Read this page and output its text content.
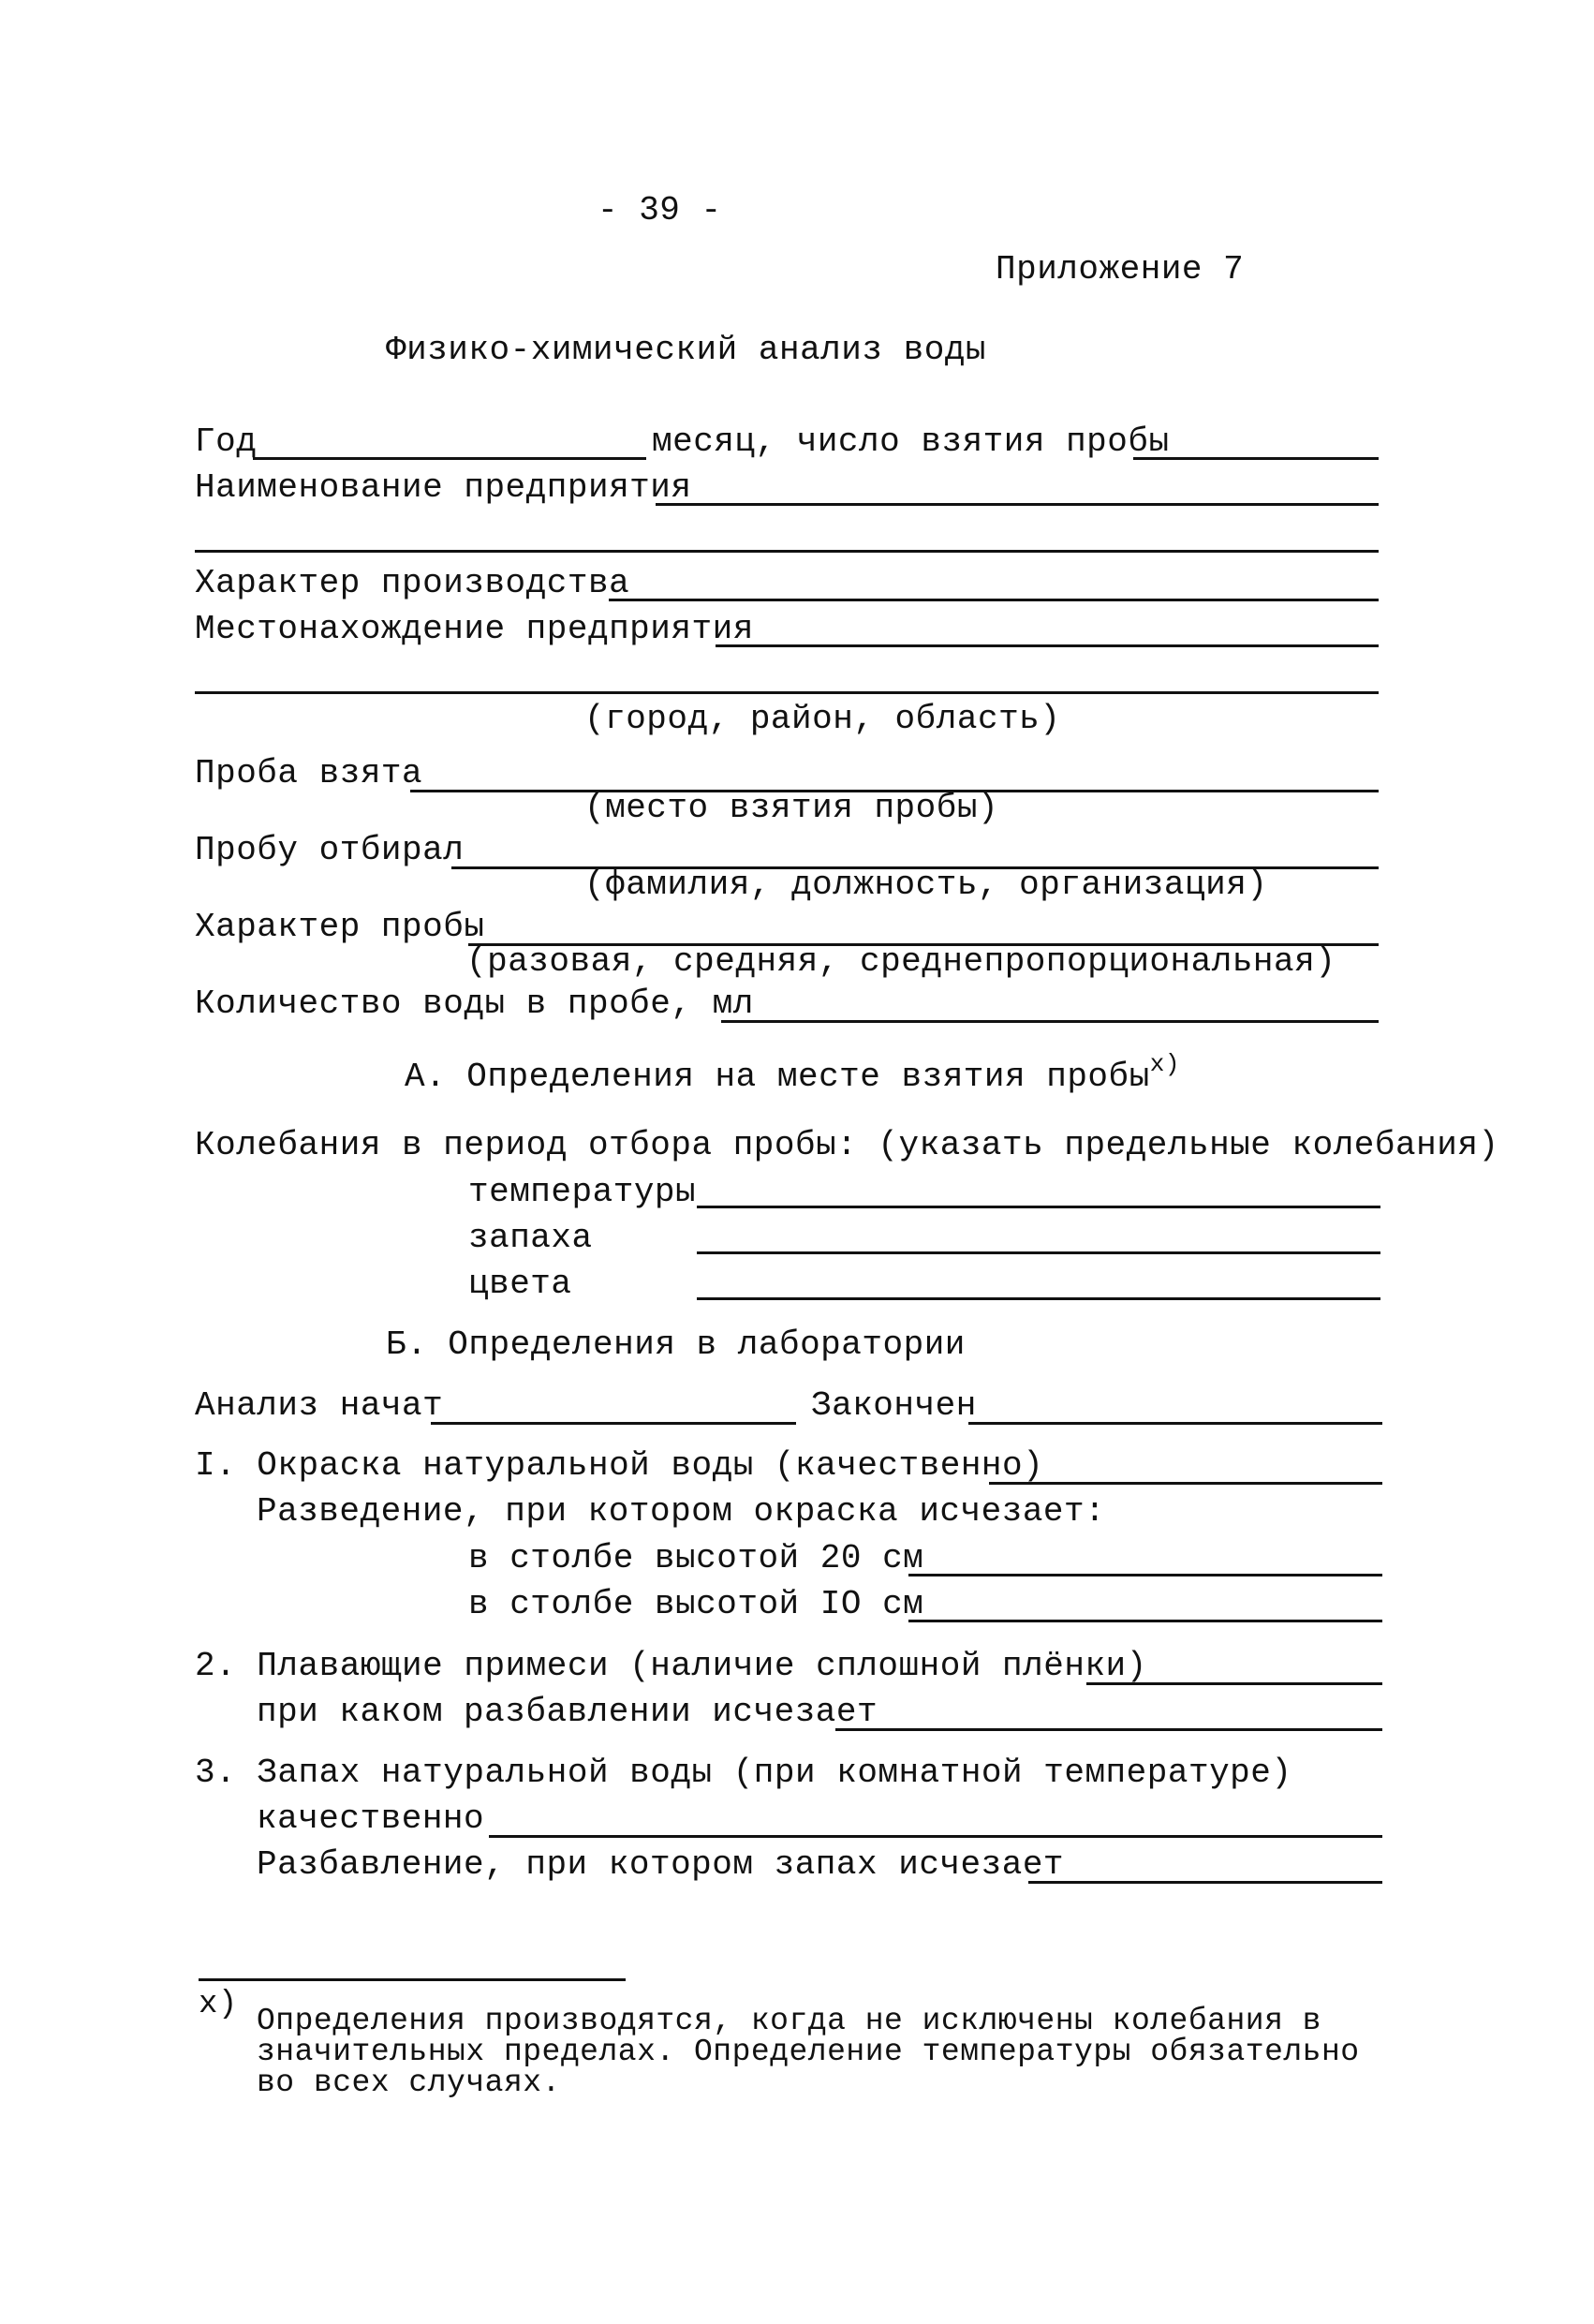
- 39 -
Приложение 7
Физико-химический анализ воды
Год	месяц, число взятия пробы
Наименование предприятия
Характер производства
Местонахождение предприятия
(город, район, область)
Проба взята
(место взятия пробы)
Пробу отбирал
(фамилия, должность, организация)
Характер пробы
(разовая, средняя, среднепропорциональная)
Количество воды в пробе, мл
А. Определения на месте взятия пробы$^{x)}$
Колебания в период отбора пробы: (указать предельные колебания)
температуры
запаха
цвета
Б. Определения в лаборатории
Анализ начат	Закончен
I. Окраска натуральной воды (качественно)
Разведение, при котором окраска исчезает:
в столбе высотой 20 см
в столбе высотой IO см
2. Плавающие примеси (наличие сплошной плёнки)
при каком разбавлении исчезает
3. Запах натуральной воды (при комнатной температуре)
качественно
Разбавление, при котором запах исчезает
x) Определения производятся, когда не исключены колебания в
значительных пределах. Определение температуры обязательно
во всех случаях.
